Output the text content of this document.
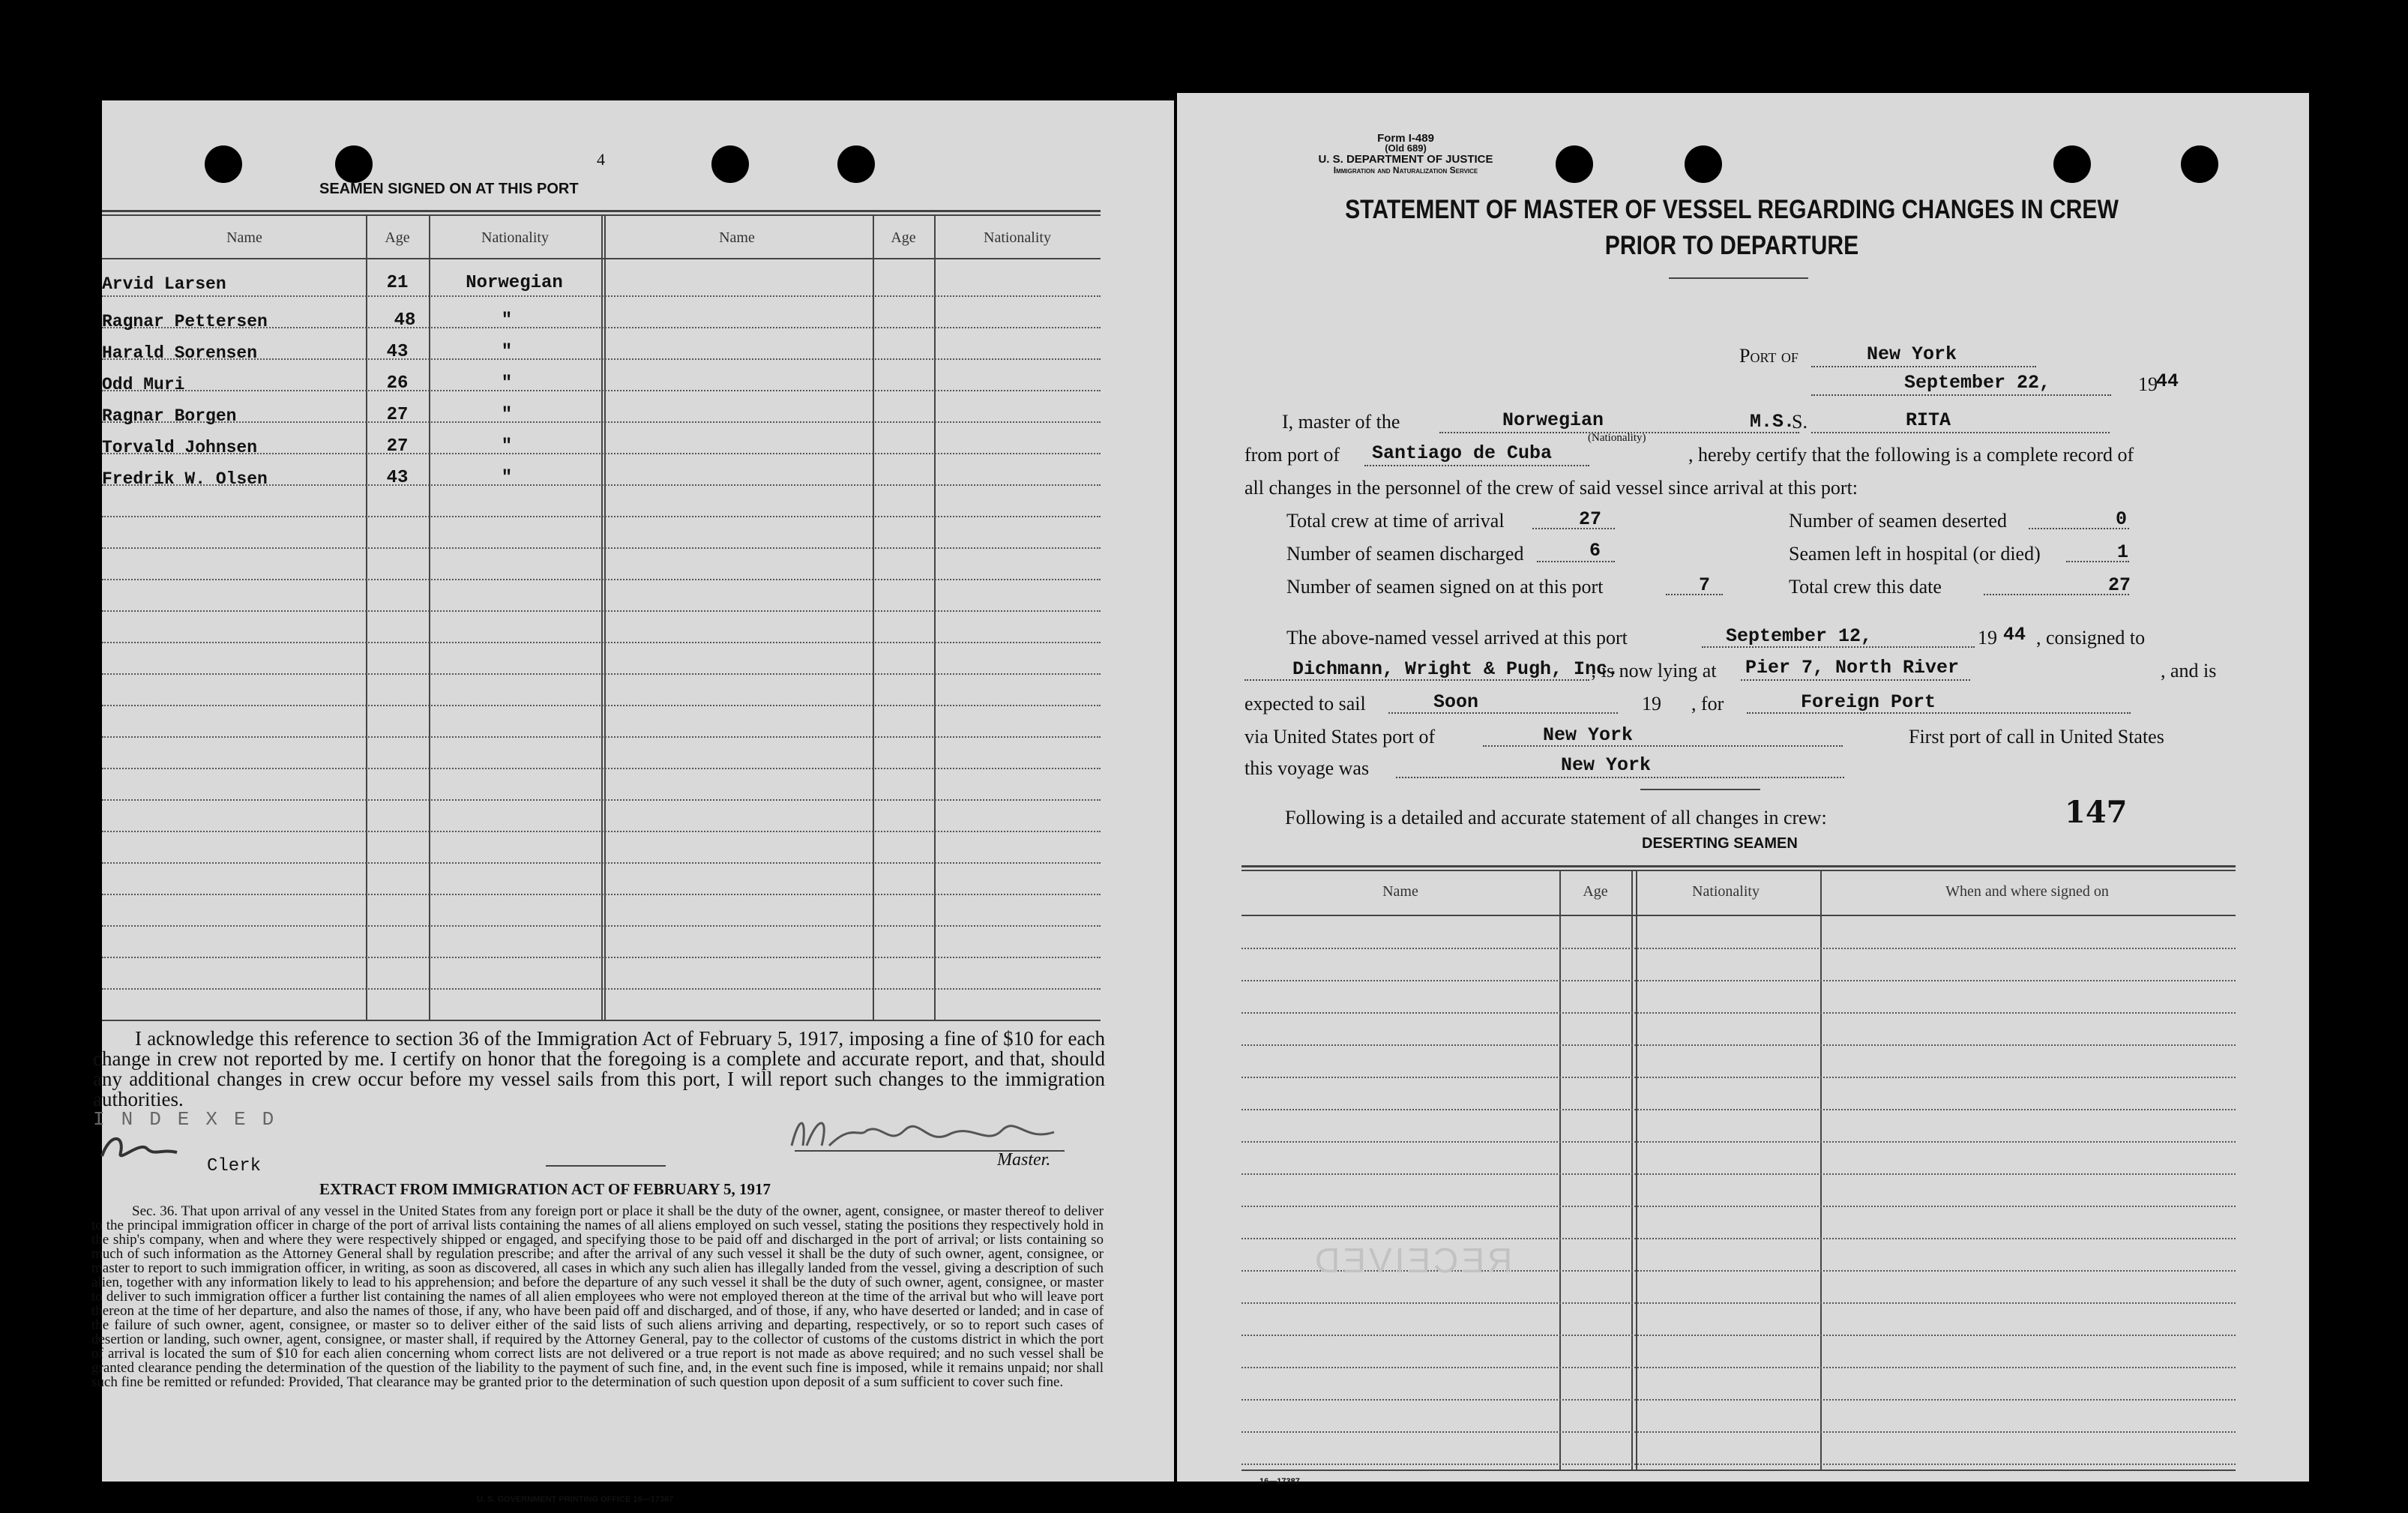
4
SEAMEN SIGNED ON AT THIS PORT
Name	Age	Nationality	Name	Age	Nationality
Arvid Larsen	21	Norwegian
Ragnar Pettersen	48	"
Harald Sorensen	43	"
Odd Muri	26	"
Ragnar Borgen	27	"
Torvald Johnsen	27	"
Fredrik W. Olsen	43	"
I acknowledge this reference to section 36 of the Immigration Act of February 5, 1917, imposing a fine of $10 for each change in crew not reported by me. I certify on honor that the foregoing is a complete and accurate report, and that, should any additional changes in crew occur before my vessel sails from this port, I will report such changes to the immigration authorities.
INDEXED
Clerk	Master.
EXTRACT FROM IMMIGRATION ACT OF FEBRUARY 5, 1917
Sec. 36. That upon arrival of any vessel in the United States from any foreign port or place it shall be the duty of the owner, agent, consignee, or master thereof to deliver to the principal immigration officer in charge of the port of arrival lists containing the names of all aliens employed on such vessel, stating the positions they respectively hold in the ship's company, when and where they were respectively shipped or engaged, and specifying those to be paid off and discharged in the port of arrival; or lists containing so much of such information as the Attorney General shall by regulation prescribe; and after the arrival of any such vessel it shall be the duty of such owner, agent, consignee, or master to report to such immigration officer, in writing, as soon as discovered, all cases in which any such alien has illegally landed from the vessel, giving a description of such alien, together with any information likely to lead to his apprehension; and before the departure of any such vessel it shall be the duty of such owner, agent, consignee, or master to deliver to such immigration officer a further list containing the names of all alien employees who were not employed thereon at the time of the arrival but who will leave port thereon at the time of her departure, and also the names of those, if any, who have been paid off and discharged, and of those, if any, who have deserted or landed; and in case of the failure of such owner, agent, consignee, or master so to deliver either of the said lists of such aliens arriving and departing, respectively, or so to report such cases of desertion or landing, such owner, agent, consignee, or master shall, if required by the Attorney General, pay to the collector of customs of the customs district in which the port of arrival is located the sum of $10 for each alien concerning whom correct lists are not delivered or a true report is not made as above required; and no such vessel shall be granted clearance pending the determination of the question of the liability to the payment of such fine, and, in the event such fine is imposed, while it remains unpaid; nor shall such fine be remitted or refunded: Provided, That clearance may be granted prior to the determination of such question upon deposit of a sum sufficient to cover such fine.
U. S. GOVERNMENT PRINTING OFFICE 16—17387
Form I-489
(Old 689)
U. S. DEPARTMENT OF JUSTICE
Immigration and Naturalization Service
STATEMENT OF MASTER OF VESSEL REGARDING CHANGES IN CREW
PRIOR TO DEPARTURE
Port of	New York
September 22,	19
44
I, master of the	Norwegian
(Nationality)
M.S.
S.	RITA
from port of Santiago de Cuba	, hereby certify that the following is a complete record of
all changes in the personnel of the crew of said vessel since arrival at this port:
Total crew at time of arrival	27
Number of seamen discharged	6
Number of seamen signed on at this port	7
Number of seamen deserted	0
Seamen left in hospital (or died)	1
Total crew this date	27
The above-named vessel arrived at this port	September 12,	19 44 , consigned to
Dichmann, Wright & Pugh, Inc.
; is now lying at Pier 7, North River	, and is
expected to sail	Soon	19 , for	Foreign Port
via United States port of	New York	First port of call in United States
this voyage was	New York
Following is a detailed and accurate statement of all changes in crew:	147
DESERTING SEAMEN
Name	Age	Nationality	When and where signed on
RECEIVED
16—17387
